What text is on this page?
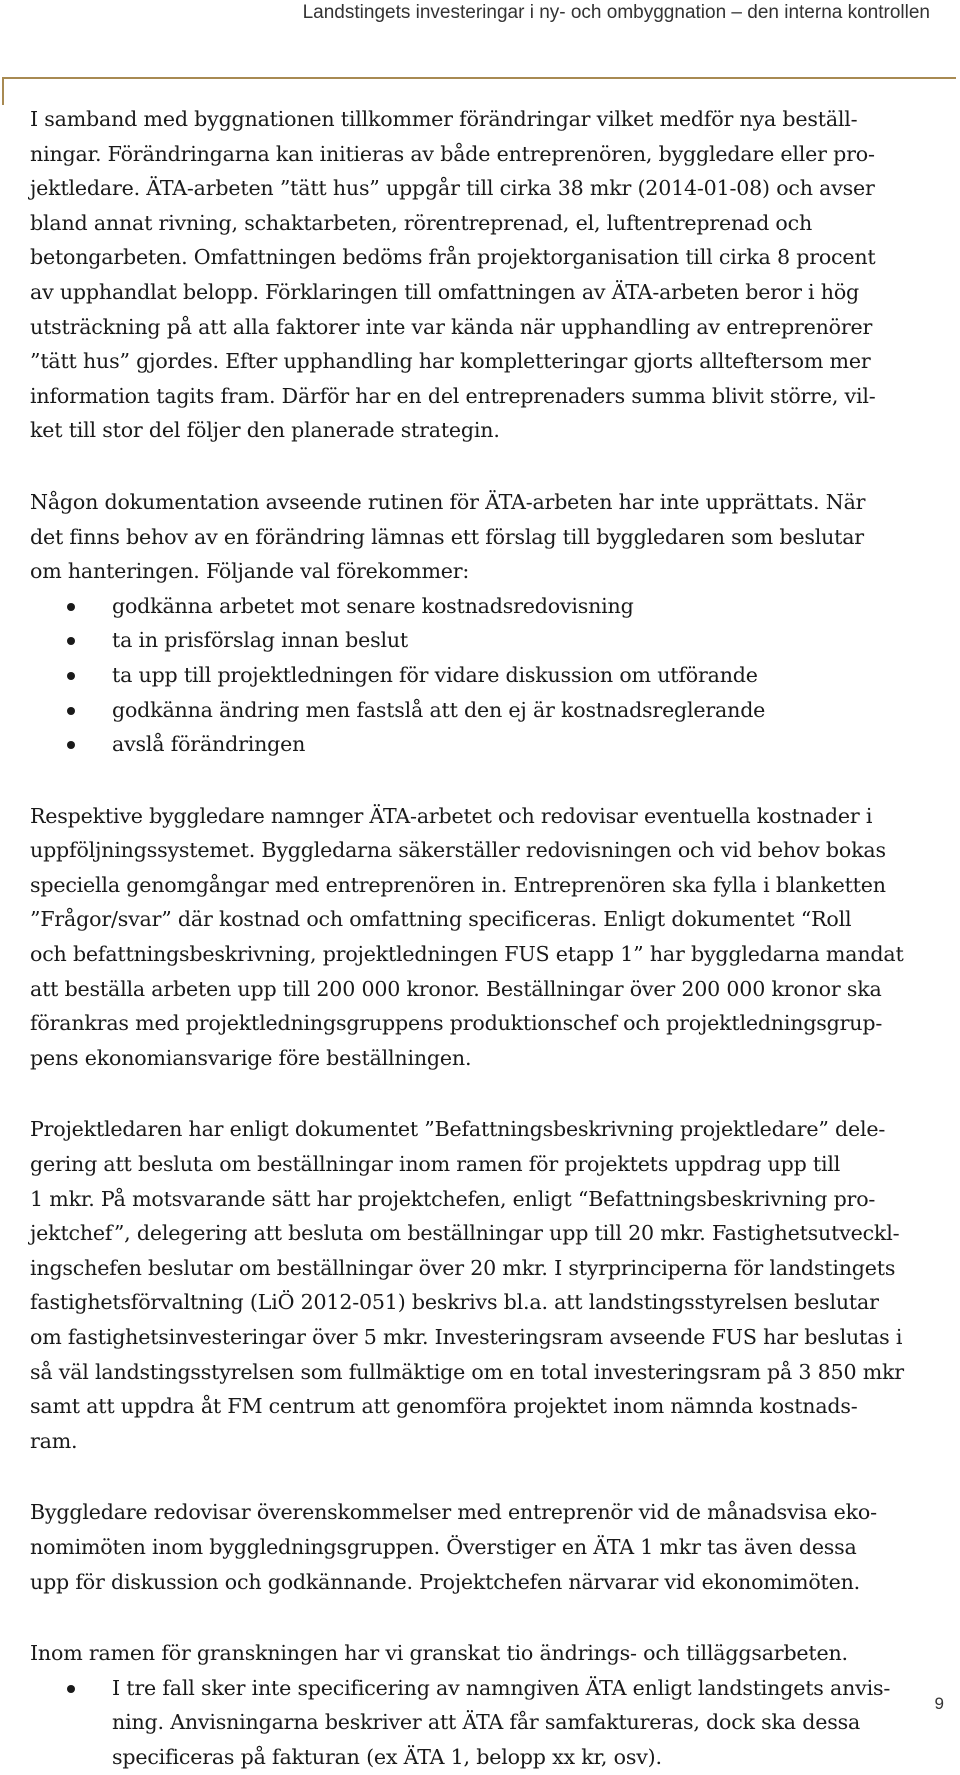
Landstingets investeringar i ny- och ombyggnation – den interna kontrollen

I samband med byggnationen tillkommer förändringar vilket medför nya beställ-
ningar. Förändringarna kan initieras av både entreprenören, byggledare eller pro-
jektledare. ÄTA-arbeten ”tätt hus” uppgår till cirka 38 mkr (2014-01-08) och avser
bland annat rivning, schaktarbeten, rörentreprenad, el, luftentreprenad och
betongarbeten. Omfattningen bedöms från projektorganisation till cirka 8 procent
av upphandlat belopp. Förklaringen till omfattningen av ÄTA-arbeten beror i hög
utsträckning på att alla faktorer inte var kända när upphandling av entreprenörer
”tätt hus” gjordes. Efter upphandling har kompletteringar gjorts allteftersom mer
information tagits fram. Därför har en del entreprenaders summa blivit större, vil-
ket till stor del följer den planerade strategin.

Någon dokumentation avseende rutinen för ÄTA-arbeten har inte upprättats. När
det finns behov av en förändring lämnas ett förslag till byggledaren som beslutar
om hanteringen. Följande val förekommer:

godkänna arbetet mot senare kostnadsredovisning
ta in prisförslag innan beslut
ta upp till projektledningen för vidare diskussion om utförande
godkänna ändring men fastslå att den ej är kostnadsreglerande
avslå förändringen

Respektive byggledare namnger ÄTA-arbetet och redovisar eventuella kostnader i
uppföljningssystemet. Byggledarna säkerställer redovisningen och vid behov bokas
speciella genomgångar med entreprenören in. Entreprenören ska fylla i blanketten
”Frågor/svar” där kostnad och omfattning specificeras. Enligt dokumentet “Roll
och befattningsbeskrivning, projektledningen FUS etapp 1” har byggledarna mandat
att beställa arbeten upp till 200 000 kronor. Beställningar över 200 000 kronor ska
förankras med projektledningsgruppens produktionschef och projektledningsgrup-
pens ekonomiansvarige före beställningen.

Projektledaren har enligt dokumentet ”Befattningsbeskrivning projektledare” dele-
gering att besluta om beställningar inom ramen för projektets uppdrag upp till
1 mkr. På motsvarande sätt har projektchefen, enligt “Befattningsbeskrivning pro-
jektchef”, delegering att besluta om beställningar upp till 20 mkr. Fastighetsutveckl-
ingschefen beslutar om beställningar över 20 mkr. I styrprinciperna för landstingets
fastighetsförvaltning (LiÖ 2012-051) beskrivs bl.a. att landstingsstyrelsen beslutar
om fastighetsinvesteringar över 5 mkr. Investeringsram avseende FUS har beslutas i
så väl landstingsstyrelsen som fullmäktige om en total investeringsram på 3 850 mkr
samt att uppdra åt FM centrum att genomföra projektet inom nämnda kostnads-
ram.

Byggledare redovisar överenskommelser med entreprenör vid de månadsvisa eko-
nomimöten inom byggledningsgruppen. Överstiger en ÄTA 1 mkr tas även dessa
upp för diskussion och godkännande. Projektchefen närvarar vid ekonomimöten.

Inom ramen för granskningen har vi granskat tio ändrings- och tilläggsarbeten.

I tre fall sker inte specificering av namngiven ÄTA enligt landstingets anvis-
ning. Anvisningarna beskriver att ÄTA får samfaktureras, dock ska dessa
specificeras på fakturan (ex ÄTA 1, belopp xx kr, osv).
9
